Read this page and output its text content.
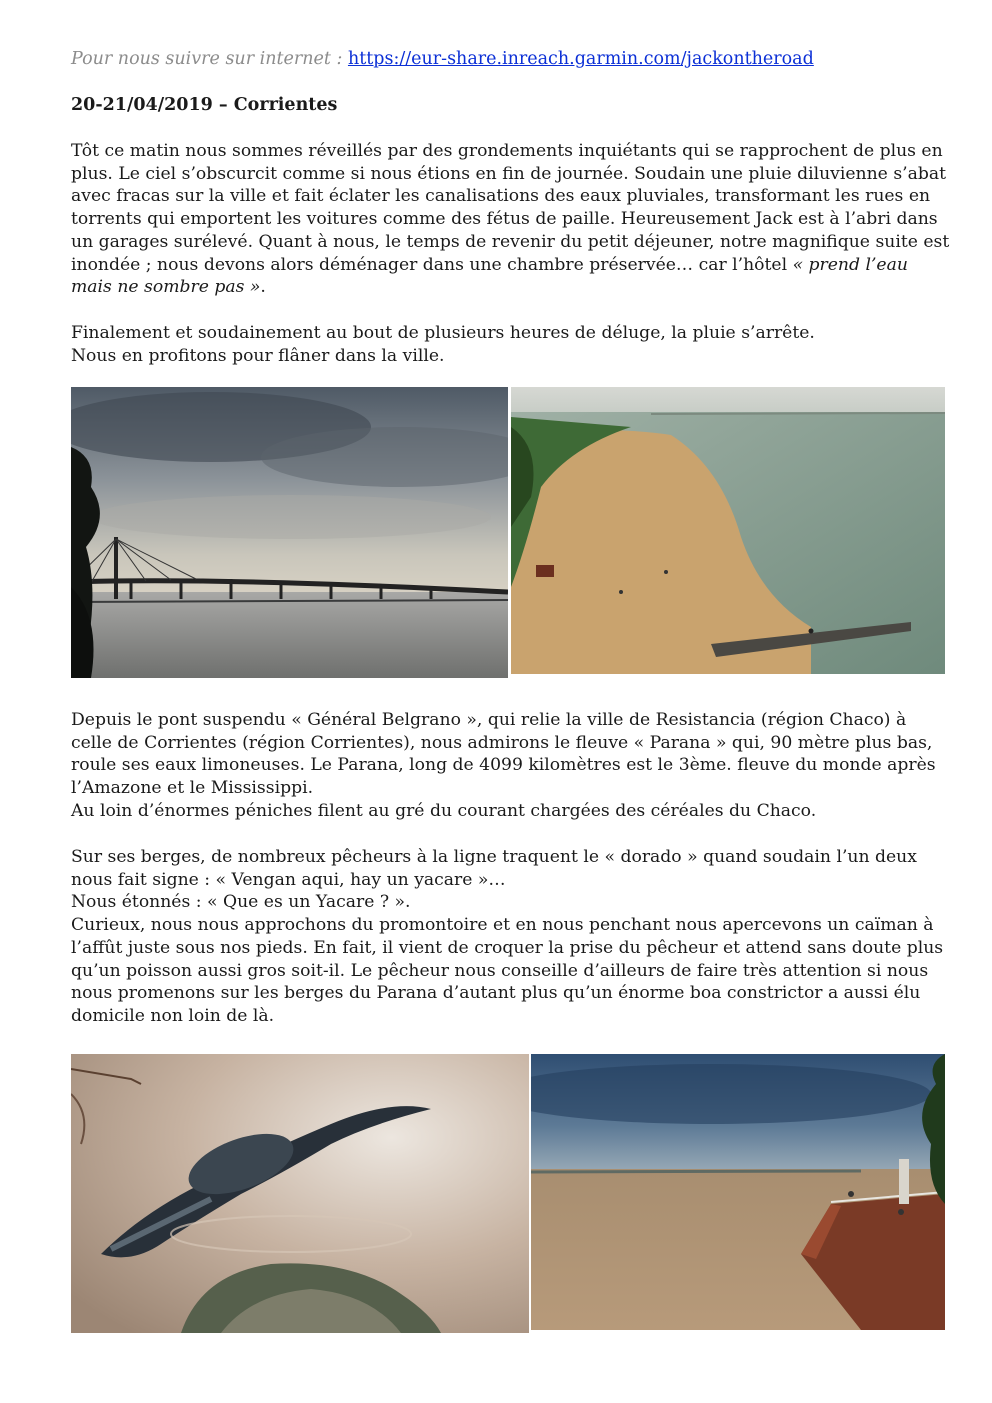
Pour nous suivre sur internet : https://eur-share.inreach.garmin.com/jackontheroad
20-21/04/2019 – Corrientes

Tôt ce matin nous sommes réveillés par des grondements inquiétants qui se rapprochent de plus en plus. Le ciel s’obscurcit comme si nous étions en fin de journée. Soudain une pluie diluvienne s’abat avec fracas sur la ville et fait éclater les canalisations des eaux pluviales, transformant les rues en torrents qui emportent les voitures comme des fétus de paille. Heureusement Jack est à l’abri dans un garages surélevé. Quant à nous, le temps de revenir du petit déjeuner, notre magnifique suite est inondée ; nous devons alors déménager dans une chambre préservée… car l’hôtel « prend l’eau mais ne sombre pas ».

Finalement et soudainement au bout de plusieurs heures de déluge, la pluie s’arrête.

Nous en profitons pour flâner dans la ville.

Depuis le pont suspendu « Général Belgrano », qui relie la ville de Resistancia (région Chaco) à celle de Corrientes (région Corrientes), nous admirons le fleuve « Parana » qui, 90 mètre plus bas, roule ses eaux limoneuses. Le Parana, long de 4099 kilomètres est le 3ème. fleuve du monde après l’Amazone et le Mississippi.

Au loin d’énormes péniches filent au gré du courant chargées des céréales du Chaco.

Sur ses berges, de nombreux pêcheurs à la ligne traquent le « dorado » quand soudain l’un deux nous fait signe : « Vengan aqui, hay un yacare »…

Nous étonnés : « Que es un Yacare ? ».

Curieux, nous nous approchons du promontoire et en nous penchant nous apercevons un caïman à l’affût juste sous nos pieds. En fait, il vient de croquer la prise du pêcheur et attend sans doute plus qu’un poisson aussi gros soit-il. Le pêcheur nous conseille d’ailleurs de faire très attention si nous nous promenons sur les berges du Parana d’autant plus qu’un énorme boa constrictor a aussi élu domicile non loin de là.
